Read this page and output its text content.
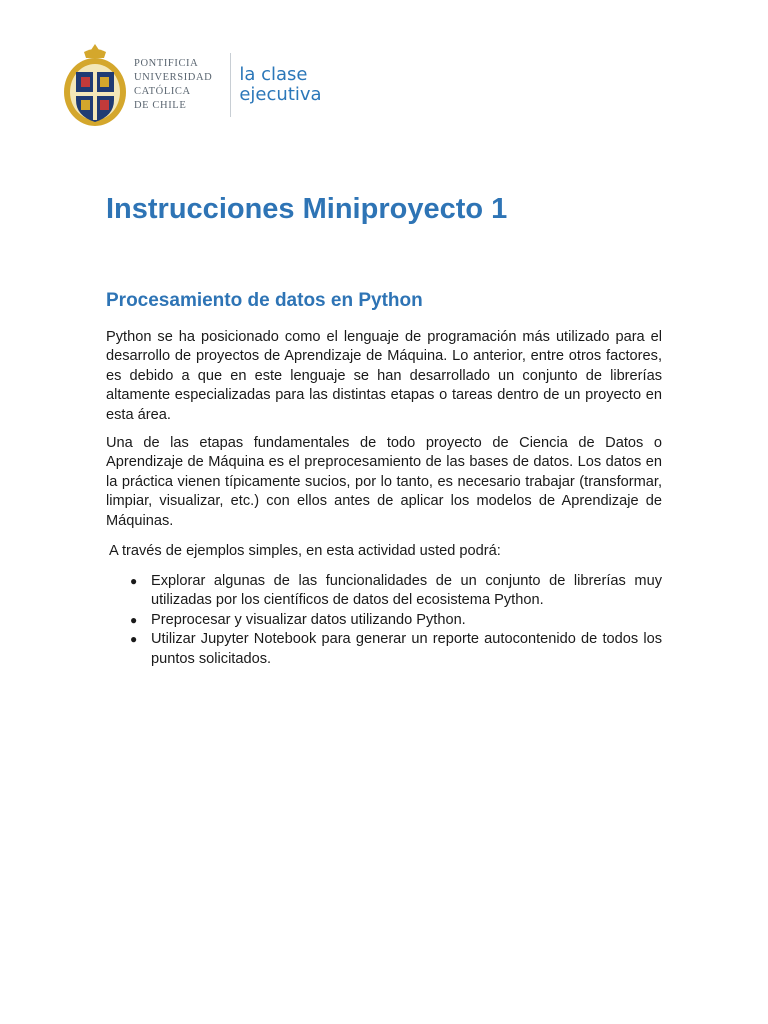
PONTIFICIA
UNIVERSIDAD
CATÓLICA
DE CHILE
la clase
ejecutiva
Instrucciones Miniproyecto 1
Procesamiento de datos en Python

Python se ha posicionado como el lenguaje de programación más utilizado para el desarrollo de proyectos de Aprendizaje de Máquina. Lo anterior, entre otros factores, es debido a que en este lenguaje se han desarrollado un conjunto de librerías altamente especializadas para las distintas etapas o tareas dentro de un proyecto en esta área.

Una de las etapas fundamentales de todo proyecto de Ciencia de Datos o Aprendizaje de Máquina es el preprocesamiento de las bases de datos. Los datos en la práctica vienen típicamente sucios, por lo tanto, es necesario trabajar (transformar, limpiar, visualizar, etc.) con ellos antes de aplicar los modelos de Aprendizaje de Máquinas.

A través de ejemplos simples, en esta actividad usted podrá:

● Explorar algunas de las funcionalidades de un conjunto de librerías muy utilizadas por los científicos de datos del ecosistema Python.
● Preprocesar y visualizar datos utilizando Python.
● Utilizar Jupyter Notebook para generar un reporte autocontenido de todos los puntos solicitados.
